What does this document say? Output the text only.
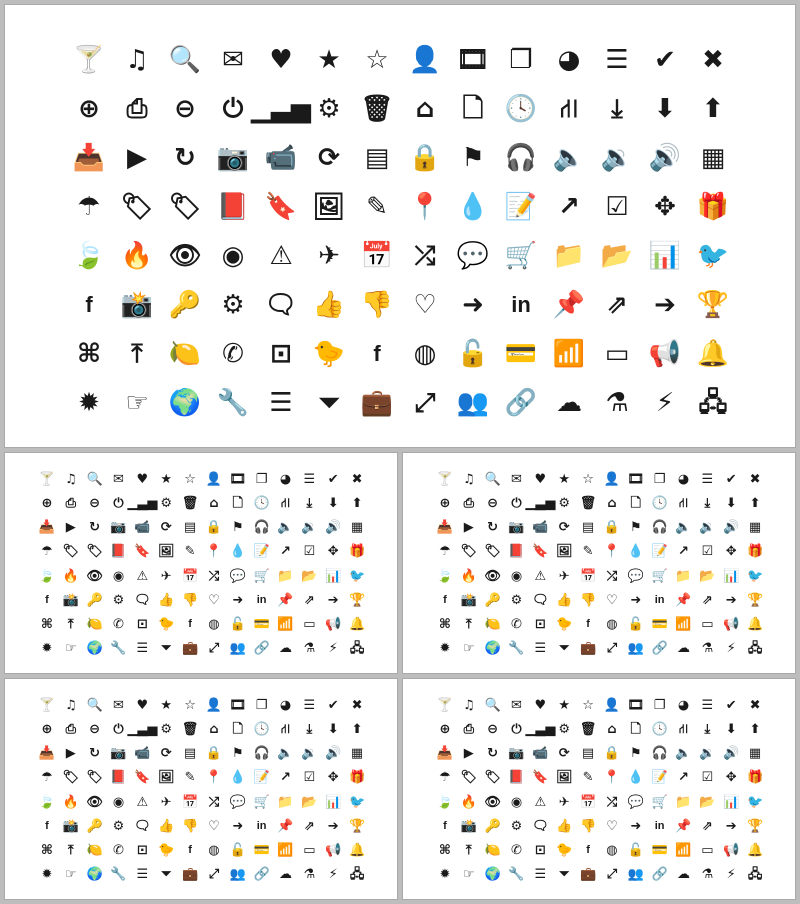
🍸 ♫ 🔍 ✉ ♥ ★ ☆ 👤 🎞 ❐ ◕ ☰ ✔	✖
⊕	⎙	⊖	⏻ ▁▃▅ ⚙ 🗑 ⌂	🗋 🕓 ⛙	⤓	⬇	⬆
📥 ▶	↻ 📷 📹 ⟳ ▤ 🔒 ⚑ 🎧 🔈 🔉 🔊 ▦
☂ 🏷 🏷 📕 🔖 🖼 ✎ 📍 💧 📝 ↗ ☑ ✥ 🎁
🍃 🔥 👁 ◉ ⚠ ✈ 📅 ⤮ 💬 🛒 📁 📂 📊 🐦
f	📸 🔑 ⚙ 🗨 👍 👎 ♡ ➜	in 📌 ⇗	➔ 🏆
⌘	⤒	🍋 ✆	⊡ 🐤	f	◍ 🔓 💳 📶 ▭ 📢 🔔
✹ ☞ 🌍 🔧 ☰ ⏷ 💼 ⤢ 👥 🔗 ☁ ⚗	⚡ 🖧
🍸 ♫ 🔍 ✉ ♥ ★ ☆ 👤 🎞 ❐ ◕ ☰ ✔ ✖
⊕	⎙	⊖	⏻ ▁▃▅ ⚙ 🗑 ⌂	🗋 🕓 ⛙	⤓	⬇ ⬆
📥 ▶	↻ 📷 📹 ⟳ ▤ 🔒 ⚑ 🎧 🔈 🔉 🔊 ▦
☂ 🏷 🏷 📕 🔖 🖼 ✎ 📍 💧 📝 ↗ ☑ ✥ 🎁
🍃 🔥 👁 ◉ ⚠ ✈ 📅 ⤮ 💬 🛒 📁 📂 📊 🐦
f	📸 🔑 ⚙ 🗨 👍 👎 ♡ ➜	in 📌 ⇗ ➔ 🏆
⌘	⤒ 🍋 ✆ ⊡ 🐤	f	◍ 🔓 💳 📶 ▭ 📢 🔔
✹ ☞ 🌍 🔧 ☰ ⏷ 💼 ⤢ 👥 🔗 ☁ ⚗	⚡ 🖧
🍸 ♫ 🔍 ✉ ♥ ★ ☆ 👤 🎞 ❐ ◕ ☰ ✔ ✖
⊕	⎙	⊖	⏻ ▁▃▅ ⚙ 🗑 ⌂	🗋 🕓 ⛙	⤓	⬇ ⬆
📥 ▶	↻ 📷 📹 ⟳ ▤ 🔒 ⚑ 🎧 🔈 🔉 🔊 ▦
☂ 🏷 🏷 📕 🔖 🖼 ✎ 📍 💧 📝 ↗ ☑ ✥ 🎁
🍃 🔥 👁 ◉ ⚠ ✈ 📅 ⤮ 💬 🛒 📁 📂 📊 🐦
f	📸 🔑 ⚙ 🗨 👍 👎 ♡ ➜	in 📌 ⇗ ➔ 🏆
⌘	⤒ 🍋 ✆ ⊡ 🐤	f	◍ 🔓 💳 📶 ▭ 📢 🔔
✹ ☞ 🌍 🔧 ☰ ⏷ 💼 ⤢ 👥 🔗 ☁ ⚗	⚡ 🖧
🍸 ♫ 🔍 ✉ ♥ ★ ☆ 👤 🎞 ❐ ◕ ☰ ✔ ✖
⊕	⎙	⊖	⏻ ▁▃▅ ⚙ 🗑 ⌂	🗋 🕓 ⛙	⤓	⬇ ⬆
📥 ▶	↻ 📷 📹 ⟳ ▤ 🔒 ⚑ 🎧 🔈 🔉 🔊 ▦
☂ 🏷 🏷 📕 🔖 🖼 ✎ 📍 💧 📝 ↗ ☑ ✥ 🎁
🍃 🔥 👁 ◉ ⚠ ✈ 📅 ⤮ 💬 🛒 📁 📂 📊 🐦
f	📸 🔑 ⚙ 🗨 👍 👎 ♡ ➜	in 📌 ⇗ ➔ 🏆
⌘	⤒ 🍋 ✆ ⊡ 🐤	f	◍ 🔓 💳 📶 ▭ 📢 🔔
✹ ☞ 🌍 🔧 ☰ ⏷ 💼 ⤢ 👥 🔗 ☁ ⚗	⚡ 🖧
🍸 ♫ 🔍 ✉ ♥ ★ ☆ 👤 🎞 ❐ ◕ ☰ ✔ ✖
⊕	⎙	⊖	⏻ ▁▃▅ ⚙ 🗑 ⌂	🗋 🕓 ⛙	⤓	⬇ ⬆
📥 ▶	↻ 📷 📹 ⟳ ▤ 🔒 ⚑ 🎧 🔈 🔉 🔊 ▦
☂ 🏷 🏷 📕 🔖 🖼 ✎ 📍 💧 📝 ↗ ☑ ✥ 🎁
🍃 🔥 👁 ◉ ⚠ ✈ 📅 ⤮ 💬 🛒 📁 📂 📊 🐦
f	📸 🔑 ⚙ 🗨 👍 👎 ♡ ➜	in 📌 ⇗ ➔ 🏆
⌘	⤒ 🍋 ✆ ⊡ 🐤	f	◍ 🔓 💳 📶 ▭ 📢 🔔
✹ ☞ 🌍 🔧 ☰ ⏷ 💼 ⤢ 👥 🔗 ☁ ⚗	⚡ 🖧
